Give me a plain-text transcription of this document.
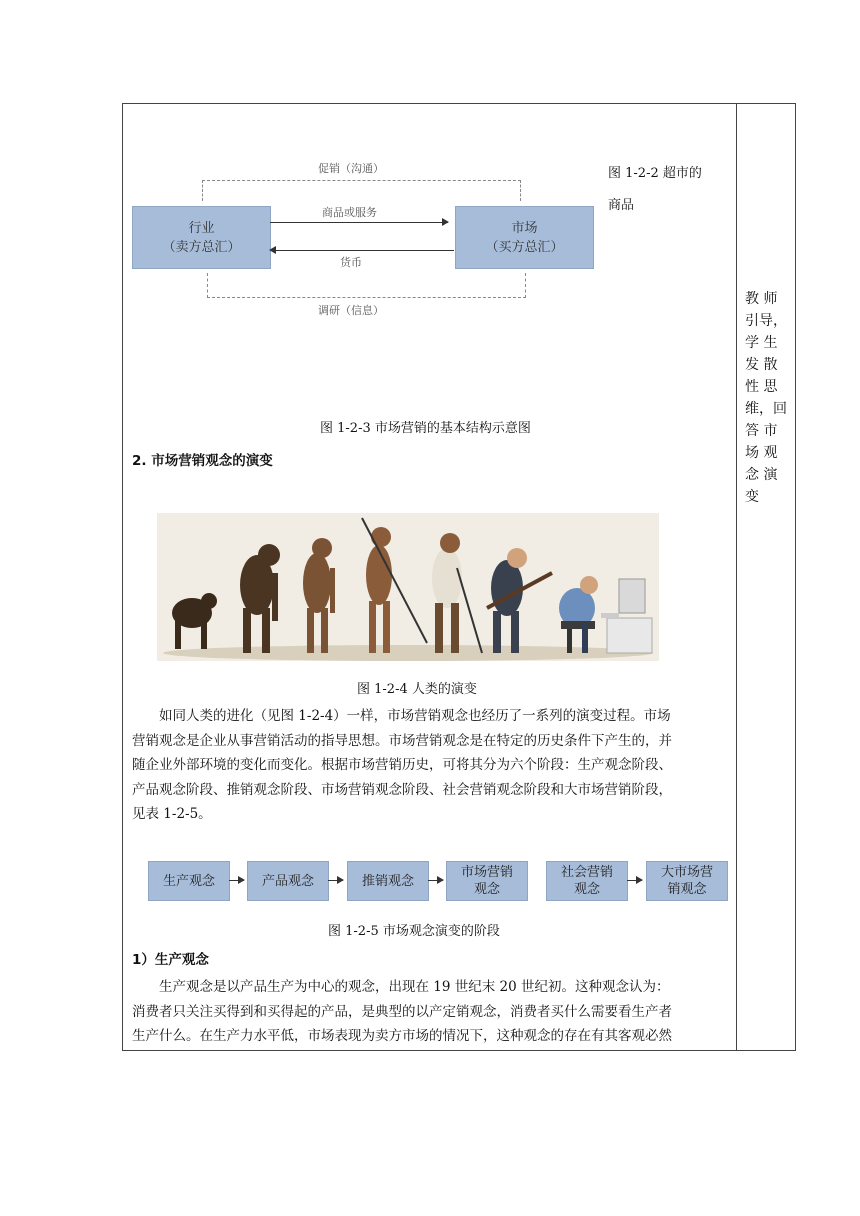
促销（沟通）
行业
（卖方总汇）
市场
（买方总汇）
商品或服务
货币
调研（信息）
图 1-2-2 超市的
商品
图 1-2-3 市场营销的基本结构示意图
2. 市场营销观念的演变
图 1-2-4 人类的演变
如同人类的进化（见图 1-2-4）一样，市场营销观念也经历了一系列的演变过程。市场
营销观念是企业从事营销活动的指导思想。市场营销观念是在特定的历史条件下产生的，并
随企业外部环境的变化而变化。根据市场营销历史，可将其分为六个阶段：生产观念阶段、
产品观念阶段、推销观念阶段、市场营销观念阶段、社会营销观念阶段和大市场营销阶段，
见表 1-2-5。
生产观念	产品观念	推销观念
市场营销
观念
社会营销
观念
大市场营
销观念
图 1-2-5 市场观念演变的阶段
1）生产观念
生产观念是以产品生产为中心的观念，出现在 19 世纪末 20 世纪初。这种观念认为：
消费者只关注买得到和买得起的产品，是典型的以产定销观念，消费者买什么需要看生产者
生产什么。在生产力水平低，市场表现为卖方市场的情况下，这种观念的存在有其客观必然
教 师
引导，
学 生
发 散
性 思
维，回
答 市
场 观
念 演
变
